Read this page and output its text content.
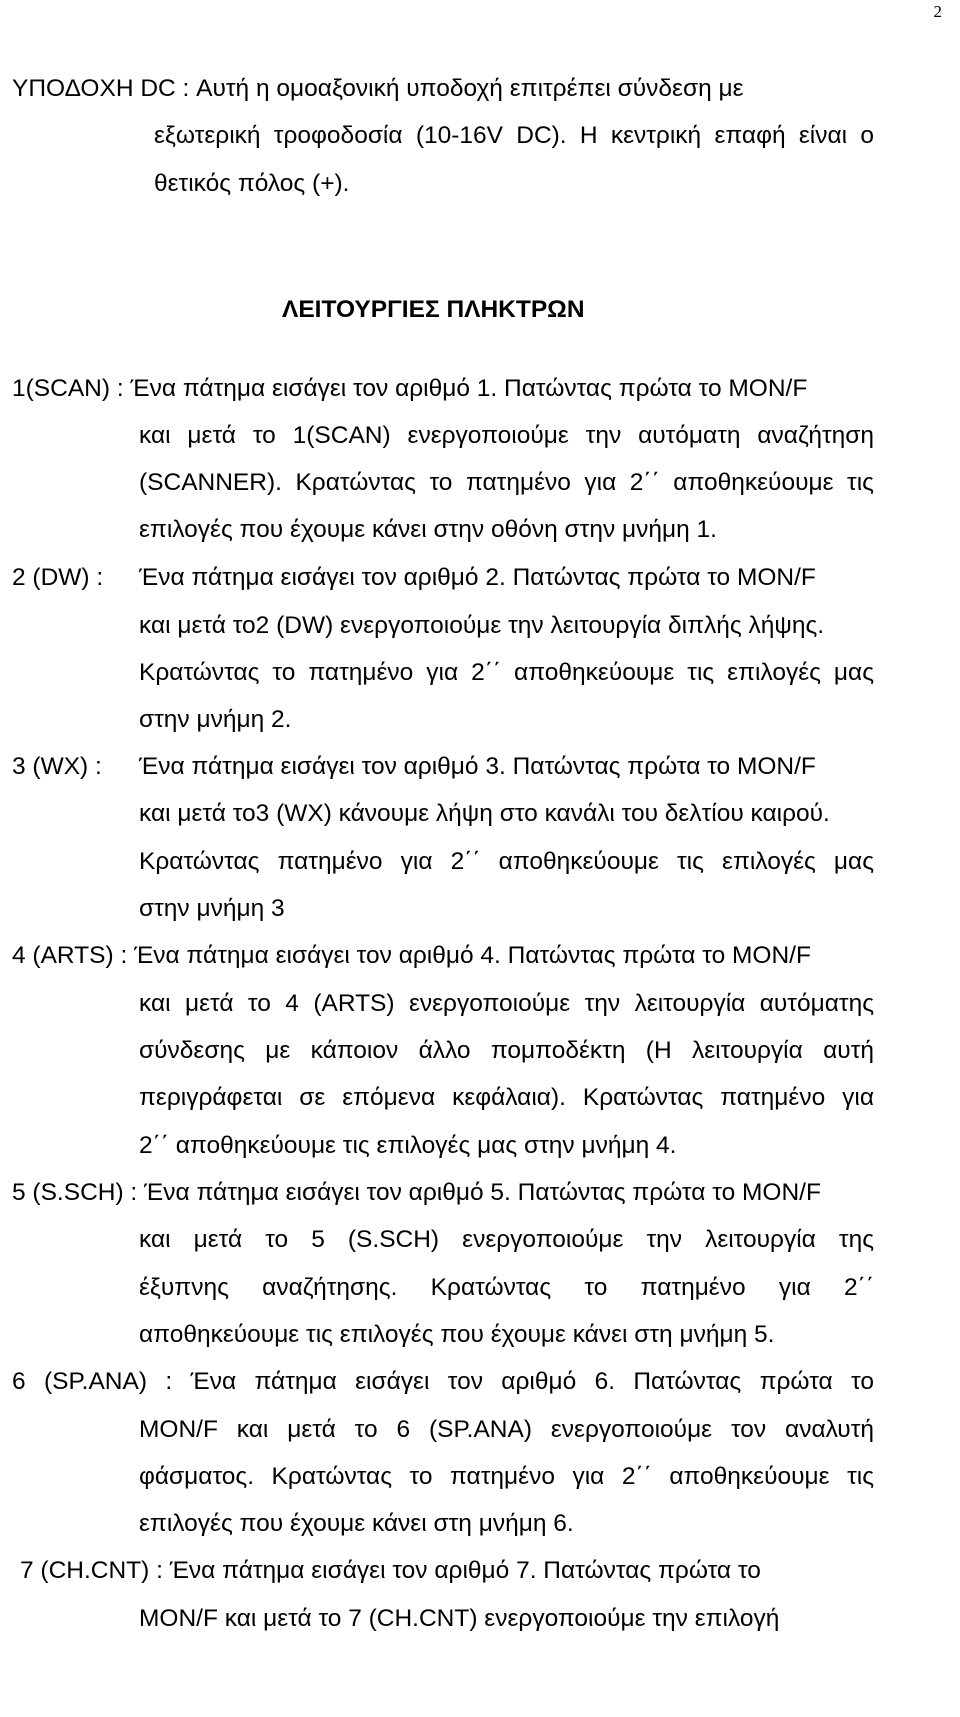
2
ΥΠΟΔΟΧΗ DC : Αυτή η ομοαξονική υποδοχή επιτρέπει σύνδεση με
εξωτερική τροφοδοσία (10-16V DC). Η κεντρική επαφή είναι ο
θετικός πόλος (+).
ΛΕΙΤΟΥΡΓΙΕΣ ΠΛΗΚΤΡΩΝ
1(SCAN) : Ένα πάτημα εισάγει τον αριθμό 1. Πατώντας πρώτα το MON/F
και μετά το 1(SCAN) ενεργοποιούμε την αυτόματη αναζήτηση
(SCANNER). Κρατώντας το πατημένο για 2΄΄ αποθηκεύουμε τις
επιλογές που έχουμε κάνει στην οθόνη στην μνήμη 1.
2 (DW) : Ένα πάτημα εισάγει τον αριθμό 2. Πατώντας πρώτα το MON/F
και μετά το2 (DW) ενεργοποιούμε την λειτουργία διπλής λήψης.
Κρατώντας το πατημένο για 2΄΄ αποθηκεύουμε τις επιλογές μας
στην μνήμη 2.
3 (WX) : Ένα πάτημα εισάγει τον αριθμό 3. Πατώντας πρώτα το MON/F
και μετά το3 (WX) κάνουμε λήψη στο κανάλι του δελτίου καιρού.
Κρατώντας πατημένο για 2΄΄ αποθηκεύουμε τις επιλογές μας
στην μνήμη 3
4 (ARTS) : Ένα πάτημα εισάγει τον αριθμό 4. Πατώντας πρώτα το MON/F
και μετά το 4 (ARTS) ενεργοποιούμε την λειτουργία αυτόματης
σύνδεσης με κάποιον άλλο πομποδέκτη (Η λειτουργία αυτή
περιγράφεται σε επόμενα κεφάλαια). Κρατώντας πατημένο για
2΄΄ αποθηκεύουμε τις επιλογές μας στην μνήμη 4.
5 (S.SCH) : Ένα πάτημα εισάγει τον αριθμό 5. Πατώντας πρώτα το MON/F
και μετά το 5 (S.SCH) ενεργοποιούμε την λειτουργία της
έξυπνης αναζήτησης. Κρατώντας το πατημένο για 2΄΄
αποθηκεύουμε τις επιλογές που έχουμε κάνει στη μνήμη 5.
6 (SP.ANA) : Ένα πάτημα εισάγει τον αριθμό 6. Πατώντας πρώτα το
MON/F και μετά το 6 (SP.ANA) ενεργοποιούμε τον αναλυτή
φάσματος. Κρατώντας το πατημένο για 2΄΄ αποθηκεύουμε τις
επιλογές που έχουμε κάνει στη μνήμη 6.
7 (CH.CNT) : Ένα πάτημα εισάγει τον αριθμό 7. Πατώντας πρώτα το
MON/F και μετά το 7 (CH.CNT) ενεργοποιούμε την επιλογή
